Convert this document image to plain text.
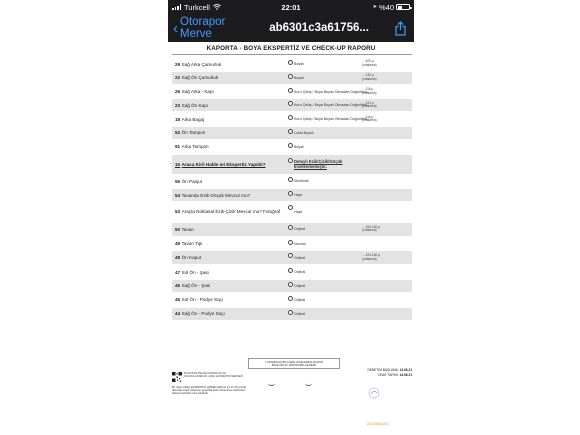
Turkcell	22:01	➤ %40
‹ Otorapor Merve	ab6301c3a61756...
KAPORTA - BOYA EKSPERTİZ VE CHECK-UP RAPORU
29 Sağ Arka Çamurluk	Boyalı
... 400 µ
(ortalama)
22 Sağ Ön Çamurluk	Boyalı
... 230 µ
(ortalama)
26 Sağ Arka - Kapı	Kuru Çekiş / Boya Boyalı Olmadan Doğrultma
... 116 µ
(ortalama)
23 Sağ Ön Kapı	Kuru Çekiş / Boya Boyalı Olmadan Doğrultma
... 124 µ
(ortalama)
18 Arka Bagaj	Kuru Çekiş / Boya Boyalı Olmadan Doğrultma
... 116 µ
(ortalama)
52 Ön Tampon	Lokal Boyalı
51 Arka Tampon	Boyalı
15 Araca Kiril Halde mi Ekspertiz Yapıldı?	Detaylı Ezik/Çizik/Göçük İncelenmemiştir.
55 Ön Panjur	Sinirlimiti
54 Tavanda Ezik-Göçük Mevcut mu?	Hayır
53 Araçta Noktasal Ezik-Çizik Mevcut mu? Fotoğraf	Hayır
50 Tavan	Orijinal
... 100-160 µ
(ortalama)
49 Tavan Tipi	Normal
48 Ön Kaput	Orijinal
... 100-160 µ
(ortalama)
47 Sol Ön - Şasi	Orijinal
46 Sağ Ön - Şasi	Orijinal
45 Sol Ön - Podye Saçı	Orijinal
44 Sağ Ön - Podye Saçı	Orijinal
YUKARIDAKİ BİLGİLER İNCELENEN ARACIN
BAĞLANTILI RAPOR BELGESİDİR
BU RAPOR BELGE NUMARASI İLE DOĞRULANABİLİR. ARAÇ EKSPERTİZ MERKEZİ
Bu rapor ARAÇ EKSPERTİZ HİZMETLERİ ile 15.10.20 yılında düzenlenmiştir. Raporun geçerlilik tarihi düzenleme tarihinden itibaren belirtilen süre kadardır.
DENETİM BAŞLAMA: 14.06.21
ONAY TARİHİ: 14.06.21
AT00084151
